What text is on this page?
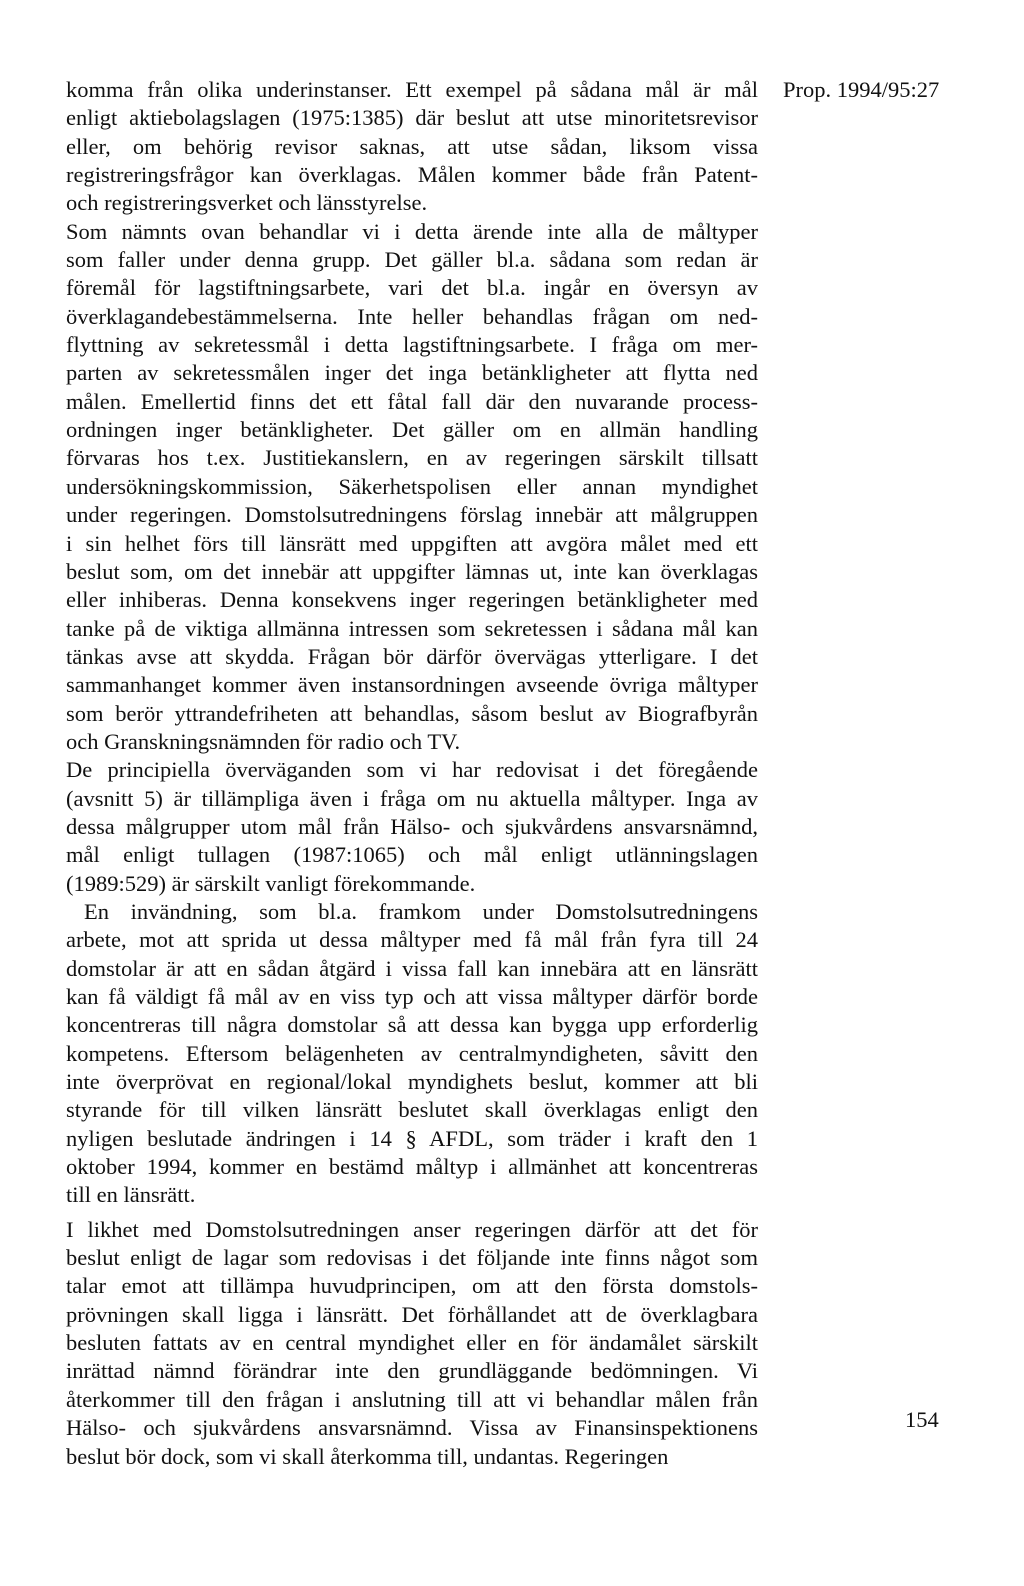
Prop. 1994/95:27
komma från olika underinstanser. Ett exempel på sådana mål är mål
enligt aktiebolagslagen (1975:1385) där beslut att utse minoritetsrevisor
eller, om behörig revisor saknas, att utse sådan, liksom vissa
registreringsfrågor kan överklagas. Målen kommer både från Patent-
och registreringsverket och länsstyrelse.
Som nämnts ovan behandlar vi i detta ärende inte alla de måltyper
som faller under denna grupp. Det gäller bl.a. sådana som redan är
föremål för lagstiftningsarbete, vari det bl.a. ingår en översyn av
överklagandebestämmelserna. Inte heller behandlas frågan om ned-
flyttning av sekretessmål i detta lagstiftningsarbete. I fråga om mer-
parten av sekretessmålen inger det inga betänkligheter att flytta ned
målen. Emellertid finns det ett fåtal fall där den nuvarande process-
ordningen inger betänkligheter. Det gäller om en allmän handling
förvaras hos t.ex. Justitiekanslern, en av regeringen särskilt tillsatt
undersökningskommission, Säkerhetspolisen eller annan myndighet
under regeringen. Domstolsutredningens förslag innebär att målgruppen
i sin helhet förs till länsrätt med uppgiften att avgöra målet med ett
beslut som, om det innebär att uppgifter lämnas ut, inte kan överklagas
eller inhiberas. Denna konsekvens inger regeringen betänkligheter med
tanke på de viktiga allmänna intressen som sekretessen i sådana mål kan
tänkas avse att skydda. Frågan bör därför övervägas ytterligare. I det
sammanhanget kommer även instansordningen avseende övriga måltyper
som berör yttrandefriheten att behandlas, såsom beslut av Biografbyrån
och Granskningsnämnden för radio och TV.
De principiella överväganden som vi har redovisat i det föregående
(avsnitt 5) är tillämpliga även i fråga om nu aktuella måltyper. Inga av
dessa målgrupper utom mål från Hälso- och sjukvårdens ansvarsnämnd,
mål enligt tullagen (1987:1065) och mål enligt utlänningslagen
(1989:529) är särskilt vanligt förekommande.
En invändning, som bl.a. framkom under Domstolsutredningens
arbete, mot att sprida ut dessa måltyper med få mål från fyra till 24
domstolar är att en sådan åtgärd i vissa fall kan innebära att en länsrätt
kan få väldigt få mål av en viss typ och att vissa måltyper därför borde
koncentreras till några domstolar så att dessa kan bygga upp erforderlig
kompetens. Eftersom belägenheten av centralmyndigheten, såvitt den
inte överprövat en regional/lokal myndighets beslut, kommer att bli
styrande för till vilken länsrätt beslutet skall överklagas enligt den
nyligen beslutade ändringen i 14 § AFDL, som träder i kraft den 1
oktober 1994, kommer en bestämd måltyp i allmänhet att koncentreras
till en länsrätt.
I likhet med Domstolsutredningen anser regeringen därför att det för
beslut enligt de lagar som redovisas i det följande inte finns något som
talar emot att tillämpa huvudprincipen, om att den första domstols-
prövningen skall ligga i länsrätt. Det förhållandet att de överklagbara
besluten fattats av en central myndighet eller en för ändamålet särskilt
inrättad nämnd förändrar inte den grundläggande bedömningen. Vi
återkommer till den frågan i anslutning till att vi behandlar målen från
Hälso- och sjukvårdens ansvarsnämnd. Vissa av Finansinspektionens
beslut bör dock, som vi skall återkomma till, undantas. Regeringen
154
